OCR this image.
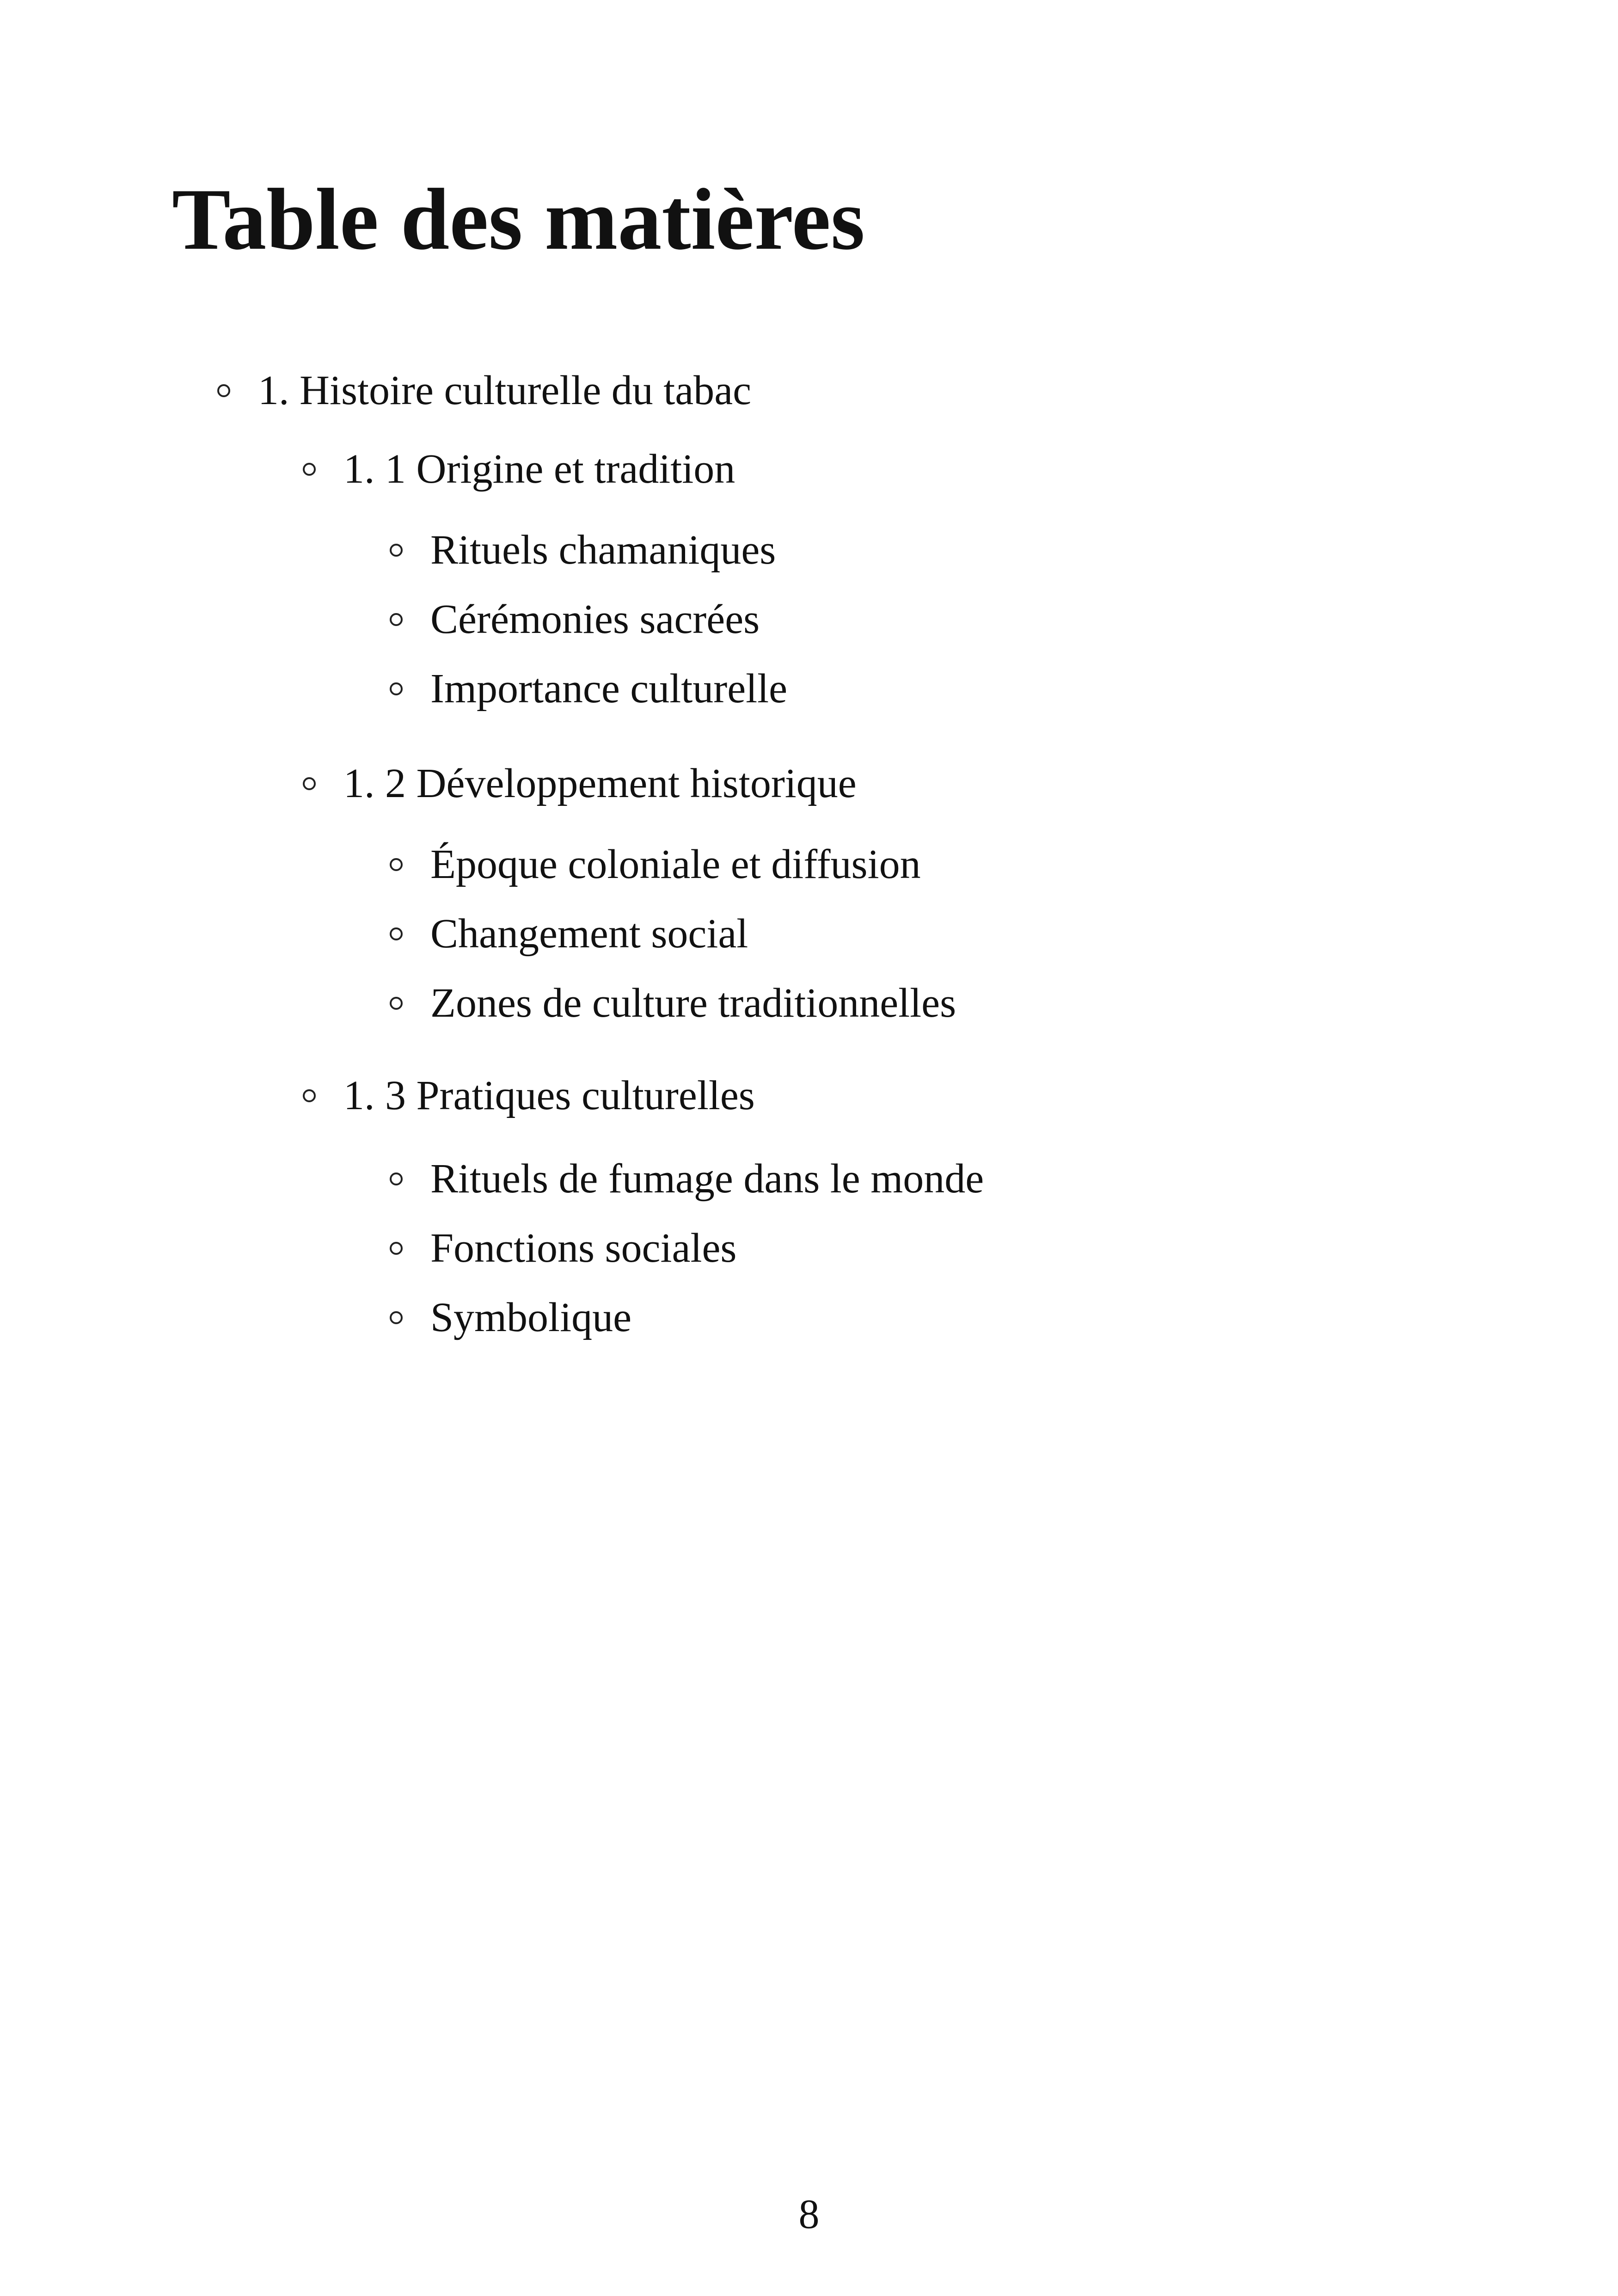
Table des matières
1. Histoire culturelle du tabac
1. 1 Origine et tradition
Rituels chamaniques
Cérémonies sacrées
Importance culturelle
1. 2 Développement historique
Époque coloniale et diffusion
Changement social
Zones de culture traditionnelles
1. 3 Pratiques culturelles
Rituels de fumage dans le monde
Fonctions sociales
Symbolique
8
